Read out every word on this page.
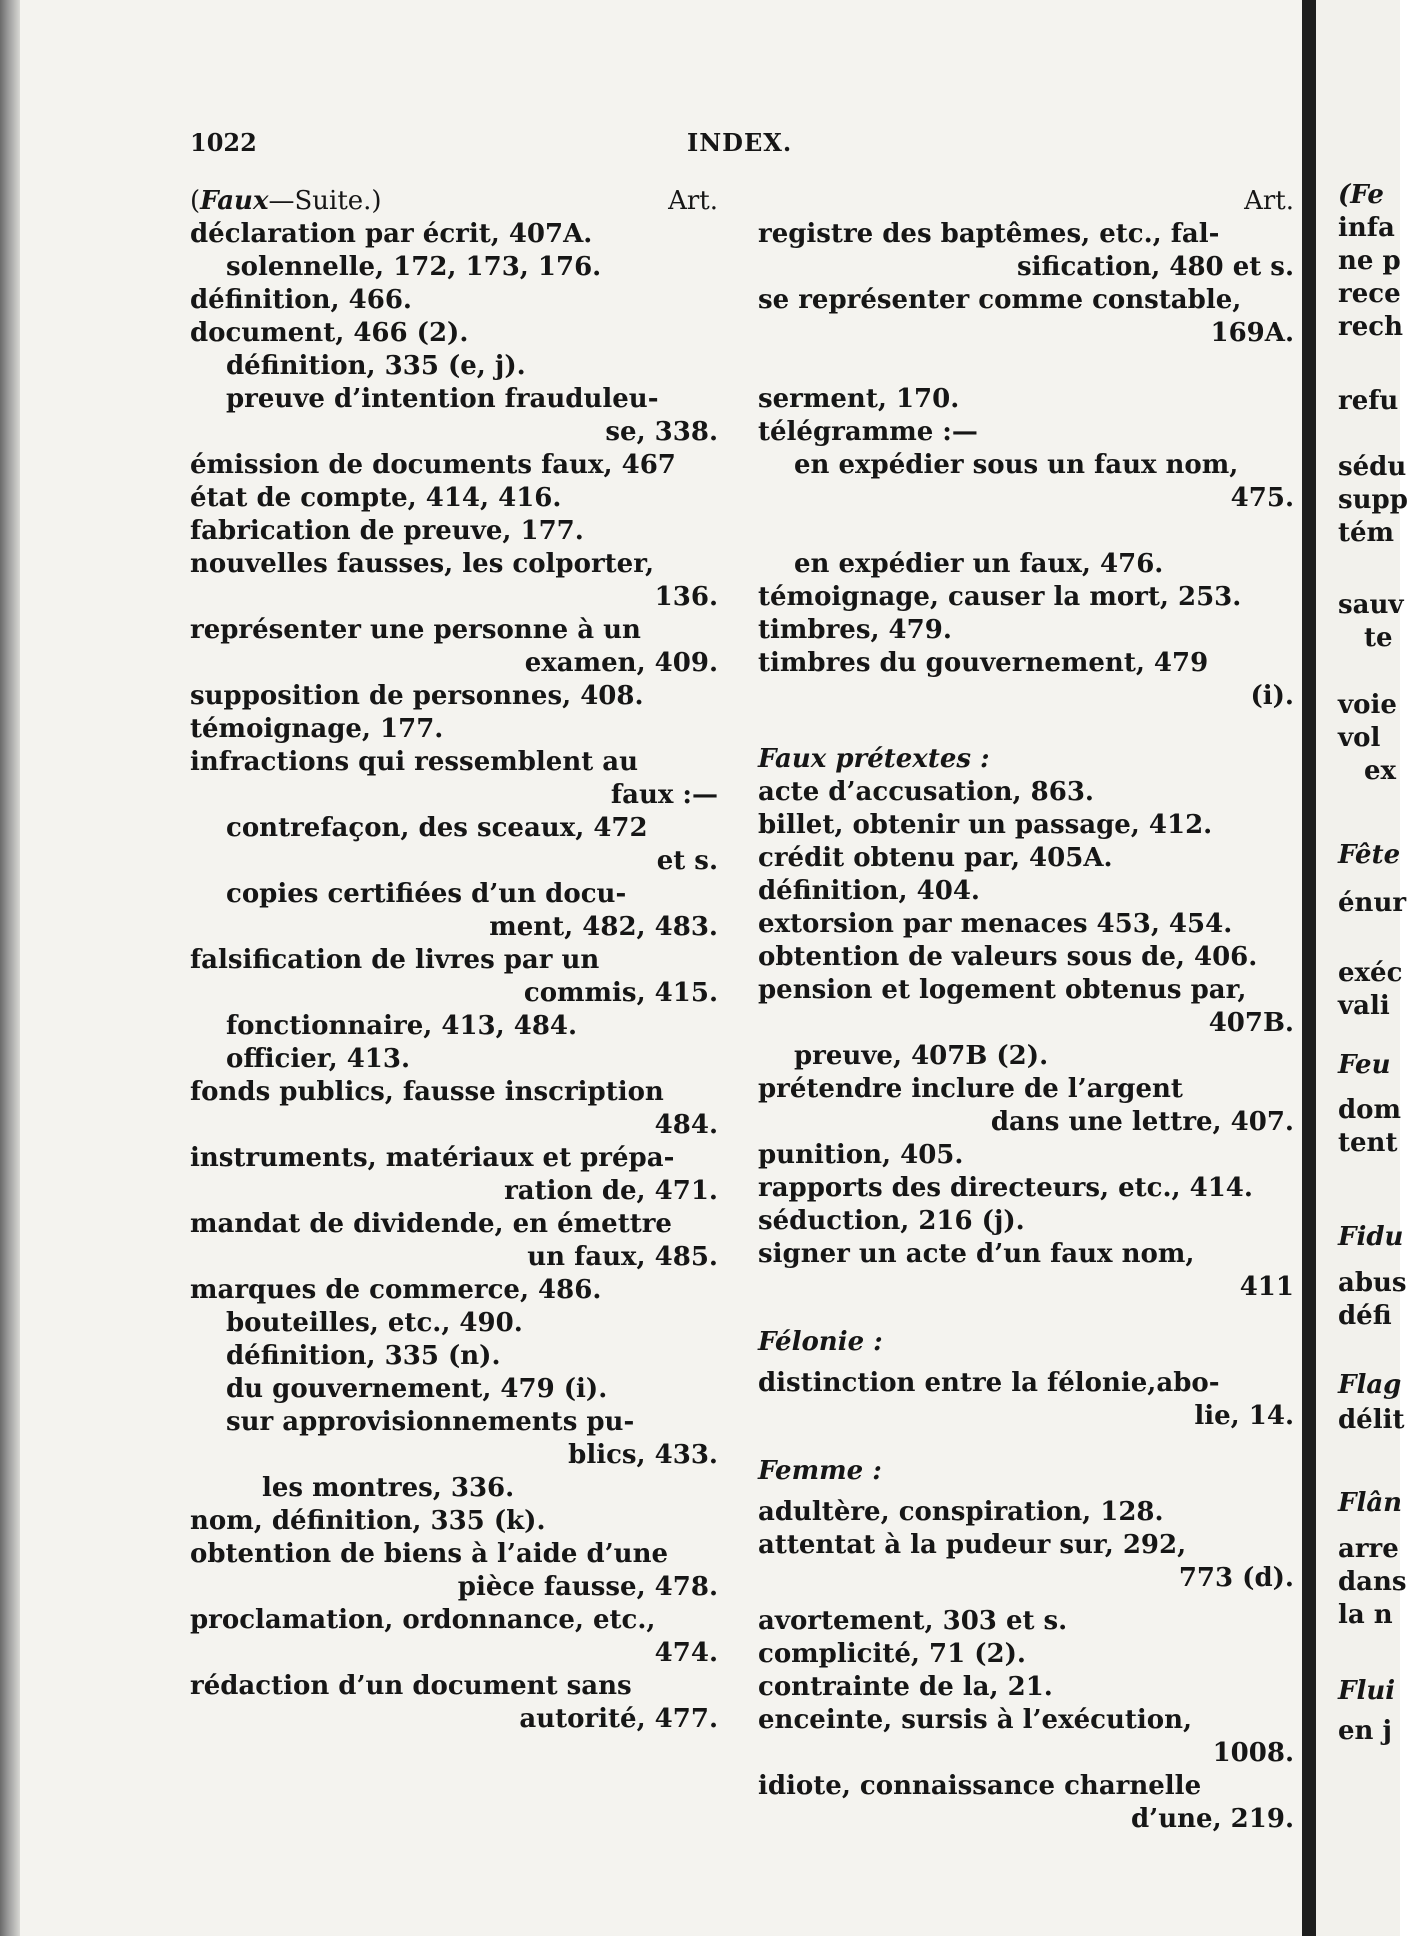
1022	INDEX.
(Faux—Suite.)	Art.
déclaration par écrit, 407A.
solennelle, 172, 173, 176.
définition, 466.
document, 466 (2).
définition, 335 (e, j).
preuve d’intention frauduleu-
se, 338.
émission de documents faux, 467
état de compte, 414, 416.
fabrication de preuve, 177.
nouvelles fausses, les colporter,
136.
représenter une personne à un
examen, 409.
supposition de personnes, 408.
témoignage, 177.
infractions qui ressemblent au
faux :—
contrefaçon, des sceaux, 472
et s.
copies certifiées d’un docu-
ment, 482, 483.
falsification de livres par un
commis, 415.
fonctionnaire, 413, 484.
officier, 413.
fonds publics, fausse inscription
484.
instruments, matériaux et prépa-
ration de, 471.
mandat de dividende, en émettre
un faux, 485.
marques de commerce, 486.
bouteilles, etc., 490.
définition, 335 (n).
du gouvernement, 479 (i).
sur approvisionnements pu-
blics, 433.
les montres, 336.
nom, définition, 335 (k).
obtention de biens à l’aide d’une
pièce fausse, 478.
proclamation, ordonnance, etc.,
474.
rédaction d’un document sans
autorité, 477.
Art.
registre des baptêmes, etc., fal-
sification, 480 et s.
se représenter comme constable,
169A.
serment, 170.
télégramme :—
en expédier sous un faux nom,
475.
en expédier un faux, 476.
témoignage, causer la mort, 253.
timbres, 479.
timbres du gouvernement, 479
(i).
Faux prétextes :
acte d’accusation, 863.
billet, obtenir un passage, 412.
crédit obtenu par, 405A.
définition, 404.
extorsion par menaces 453, 454.
obtention de valeurs sous de, 406.
pension et logement obtenus par,
407B.
preuve, 407B (2).
prétendre inclure de l’argent
dans une lettre, 407.
punition, 405.
rapports des directeurs, etc., 414.
séduction, 216 (j).
signer un acte d’un faux nom,
411
Félonie :
distinction entre la félonie,abo-
lie, 14.
Femme :
adultère, conspiration, 128.
attentat à la pudeur sur, 292,
773 (d).
avortement, 303 et s.
complicité, 71 (2).
contrainte de la, 21.
enceinte, sursis à l’exécution,
1008.
idiote, connaissance charnelle
d’une, 219.
(Fe
infa
ne p
rece
rech
refu
sédu
supp
tém
sauv
te
voie
vol
ex
Fête
énur
exéc
vali
Feu
dom
tent
Fidu
abus
défi
Flag
délit
Flân
arre
dans
la n
Flui
en j
